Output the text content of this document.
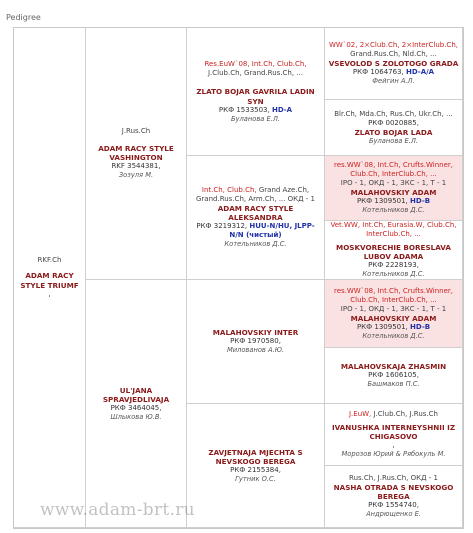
Pedigree
RKF.Ch
ADAM RACY STYLE TRIUMF
,
J.Rus.Ch
ADAM RACY STYLE VASHINGTON
RKF 3544381,
Зозуля М.
UL'JANA SPRAVJEDLIVAJA
РКФ 3464045,
Шлыкова Ю.В.
Res.EuW`08, Int.Ch, Club.Ch,
J.Club.Ch, Grand.Rus.Ch, ...
ZLATO BOJAR GAVRILA LADIN SYN
РКФ 1533503, HD-A
Буланова Е.Л.
Int.Ch, Club.Ch, Grand Aze.Ch, Grand.Rus.Ch, Arm.Ch, ... ОКД - 1
ADAM RACY STYLE ALEKSANDRA
РКФ 3219312, HUU-N/HU, JLPP-N/N (чистый)
Котельников Д.С.
MALAHOVSKIY INTER
РКФ 1970580,
Милованов А.Ю.
ZAVJETNAJA MJECHTA S NEVSKOGO BEREGA
РКФ 2155384,
Гутник О.С.
WW`02, 2×Club.Ch, 2×InterClub.Ch,
Grand.Rus.Ch, Nld.Ch, ...
VSEVOLOD S ZOLOTOGO GRADA
РКФ 1064763, HD-A/A
Фейгин А.Л.
Blr.Ch, Mda.Ch, Rus.Ch, Ukr.Ch, ...
РКФ 0020885,
ZLATO BOJAR LADA
Буланова Е.Л.
res.WW`08, Int.Ch, Crufts.Winner, Club.Ch, InterClub.Ch, ...
IPO - 1, ОКД - 1, ЗКС - 1, Т - 1
MALAHOVSKIY ADAM
РКФ 1309501, HD-B
Котельников Д.С.
Vet.WW, Int.Ch, Eurasia.W, Club.Ch, InterClub.Ch, ...
MOSKVORECHIE BORESLAVA LUBOV ADAMA
РКФ 2228193,
Котельников Д.С.
res.WW`08, Int.Ch, Crufts.Winner, Club.Ch, InterClub.Ch, ...
IPO - 1, ОКД - 1, ЗКС - 1, Т - 1
MALAHOVSKIY ADAM
РКФ 1309501, HD-B
Котельников Д.С.
MALAHOVSKAJA ZHASMIN
РКФ 1606105,
Башмаков П.С.
J.EuW, J.Club.Ch, J.Rus.Ch
IVANUSHKA INTERNEYSHNII IZ CHIGASOVO
,
Морозов Юрий & Рябокуль М.
Rus.Ch, J.Rus.Ch, ОКД - 1
NASHA OTRADA S NEVSKOGO BEREGA
РКФ 1554740,
Андрющенко Е.
www.adam-brt.ru
